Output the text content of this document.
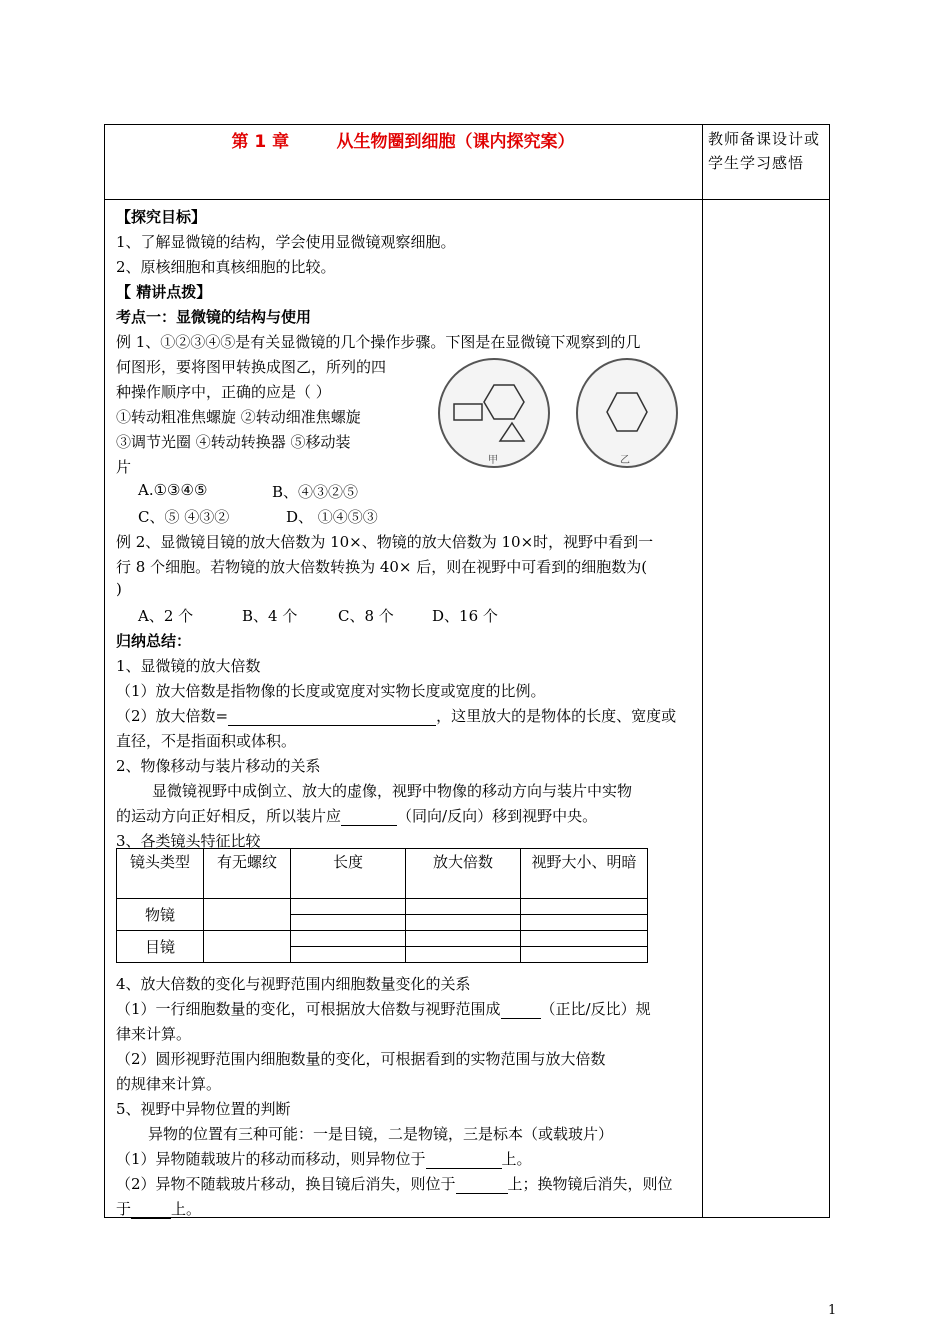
第 1 章        从生物圈到细胞（课内探究案）	教师备课设计或学生学习感悟
【探究目标】
1、了解显微镜的结构，学会使用显微镜观察细胞。
2、原核细胞和真核细胞的比较。
【 精讲点拨】
考点一：显微镜的结构与使用
例 1、①②③④⑤是有关显微镜的几个操作步骤。下图是在显微镜下观察到的几
何图形，要将图甲转换成图乙，所列的四
种操作顺序中，正确的应是（ ）
①转动粗准焦螺旋 ②转动细准焦螺旋
③调节光圈 ④转动转换器 ⑤移动装
片
A.①③④⑤	B、④③②⑤
C、⑤ ④③②	D、 ①④⑤③
甲	乙
例 2、显微镜目镜的放大倍数为 10×、物镜的放大倍数为 10×时，视野中看到一
行 8 个细胞。若物镜的放大倍数转换为 40× 后，则在视野中可看到的细胞数为(
)
A、2 个	B、4 个	C、8 个	D、16 个
归纳总结：
1、显微镜的放大倍数
（1）放大倍数是指物像的长度或宽度对实物长度或宽度的比例。
（2）放大倍数=	，这里放大的是物体的长度、宽度或
直径，不是指面积或体积。
2、物像移动与装片移动的关系
显微镜视野中成倒立、放大的虚像，视野中物像的移动方向与装片中实物
的运动方向正好相反，所以装片应	（同向/反向）移到视野中央。
3、各类镜头特征比较
镜头类型	有无螺纹	长度	放大倍数	视野大小、明暗
物镜				

目镜				

4、放大倍数的变化与视野范围内细胞数量变化的关系
（1）一行细胞数量的变化，可根据放大倍数与视野范围成	（正比/反比）规
律来计算。
（2）圆形视野范围内细胞数量的变化，可根据看到的实物范围与放大倍数
的规律来计算。
5、视野中异物位置的判断
异物的位置有三种可能：一是目镜，二是物镜，三是标本（或载玻片）
（1）异物随载玻片的移动而移动，则异物位于	上。
（2）异物不随载玻片移动，换目镜后消失，则位于	上；换物镜后消失，则位
于	上。
1
